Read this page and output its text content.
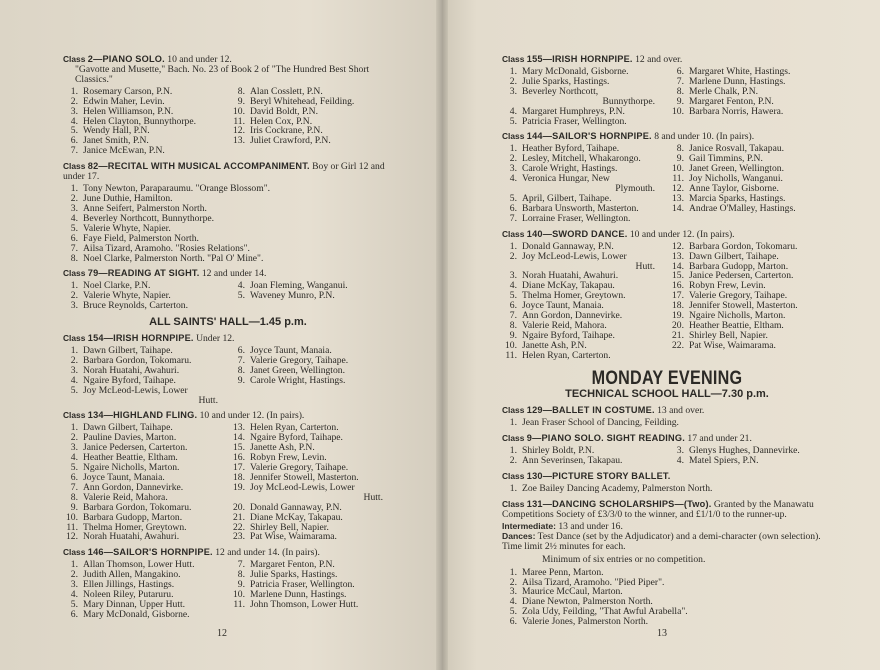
Class 2—PIANO SOLO. 10 and under 12.
"Gavotte and Musette," Bach. No. 23 of Book 2 of "The Hundred Best Short Classics."
1. Rosemary Carson, P.N.	8. Alan Cosslett, P.N.
2. Edwin Maher, Levin.	9. Beryl Whitehead, Feilding.
3. Helen Williamson, P.N.	10. David Boldt, P.N.
4. Helen Clayton, Bunnythorpe.	11. Helen Cox, P.N.
5. Wendy Hall, P.N.	12. Iris Cockrane, P.N.
6. Janet Smith, P.N.	13. Juliet Crawford, P.N.
7. Janice McEwan, P.N.
Class 82—RECITAL WITH MUSICAL ACCOMPANIMENT. Boy or Girl 12 and under 17.
1. Tony Newton, Paraparaumu. "Orange Blossom".
2. June Duthie, Hamilton.
3. Anne Seifert, Palmerston North.
4. Beverley Northcott, Bunnythorpe.
5. Valerie Whyte, Napier.
6. Faye Field, Palmerston North.
7. Ailsa Tizard, Aramoho. "Rosies Relations".
8. Noel Clarke, Palmerston North. "Pal O' Mine".
Class 79—READING AT SIGHT. 12 and under 14.
1. Noel Clarke, P.N.	4. Joan Fleming, Wanganui.
2. Valerie Whyte, Napier.	5. Waveney Munro, P.N.
3. Bruce Reynolds, Carterton.
ALL SAINTS' HALL—1.45 p.m.
Class 154—IRISH HORNPIPE. Under 12.
1. Dawn Gilbert, Taihape.	6. Joyce Taunt, Manaia.
2. Barbara Gordon, Tokomaru.	7. Valerie Gregory, Taihape.
3. Norah Huatahi, Awahuri.	8. Janet Green, Wellington.
4. Ngaire Byford, Taihape.	9. Carole Wright, Hastings.
5. Joy McLeod-Lewis, Lower
Hutt.
Class 134—HIGHLAND FLING. 10 and under 12. (In pairs).
1. Dawn Gilbert, Taihape.	13. Helen Ryan, Carterton.
2. Pauline Davies, Marton.	14. Ngaire Byford, Taihape.
3. Janice Pedersen, Carterton.	15. Janette Ash, P.N.
4. Heather Beattie, Eltham.	16. Robyn Frew, Levin.
5. Ngaire Nicholls, Marton.	17. Valerie Gregory, Taihape.
6. Joyce Taunt, Manaia.	18. Jennifer Stowell, Masterton.
7. Ann Gordon, Dannevirke.	19. Joy McLeod-Lewis, Lower
8. Valerie Reid, Mahora.	Hutt.
9. Barbara Gordon, Tokomaru.	20. Donald Gannaway, P.N.
10. Barbara Gudopp, Marton.	21. Diane McKay, Takapau.
11. Thelma Homer, Greytown.	22. Shirley Bell, Napier.
12. Norah Huatahi, Awahuri.	23. Pat Wise, Waimarama.
Class 146—SAILOR'S HORNPIPE. 12 and under 14. (In pairs).
1. Allan Thomson, Lower Hutt.	7. Margaret Fenton, P.N.
2. Judith Allen, Mangakino.	8. Julie Sparks, Hastings.
3. Ellen Jillings, Hastings.	9. Patricia Fraser, Wellington.
4. Noleen Riley, Putaruru.	10. Marlene Dunn, Hastings.
5. Mary Dinnan, Upper Hutt.	11. John Thomson, Lower Hutt.
6. Mary McDonald, Gisborne.
12	13
Class 155—IRISH HORNPIPE. 12 and over.
1. Mary McDonald, Gisborne.	6. Margaret White, Hastings.
2. Julie Sparks, Hastings.	7. Marlene Dunn, Hastings.
3. Beverley Northcott,	8. Merle Chalk, P.N.
Bunnythorpe.	9. Margaret Fenton, P.N.
4. Margaret Humphreys, P.N.	10. Barbara Norris, Hawera.
5. Patricia Fraser, Wellington.
Class 144—SAILOR'S HORNPIPE. 8 and under 10. (In pairs).
1. Heather Byford, Taihape.	8. Janice Rosvall, Takapau.
2. Lesley, Mitchell, Whakarongo.	9. Gail Timmins, P.N.
3. Carole Wright, Hastings.	10. Janet Green, Wellington.
4. Veronica Hungar, New	11. Joy Nicholls, Wanganui.
Plymouth.	12. Anne Taylor, Gisborne.
5. April, Gilbert, Taihape.	13. Marcia Sparks, Hastings.
6. Barbara Unsworth, Masterton.	14. Andrae O'Malley, Hastings.
7. Lorraine Fraser, Wellington.
Class 140—SWORD DANCE. 10 and under 12. (In pairs).
1. Donald Gannaway, P.N.	12. Barbara Gordon, Tokomaru.
2. Joy McLeod-Lewis, Lower	13. Dawn Gilbert, Taihape.
Hutt.	14. Barbara Gudopp, Marton.
3. Norah Huatahi, Awahuri.	15. Janice Pedersen, Carterton.
4. Diane McKay, Takapau.	16. Robyn Frew, Levin.
5. Thelma Homer, Greytown.	17. Valerie Gregory, Taihape.
6. Joyce Taunt, Manaia.	18. Jennifer Stowell, Masterton.
7. Ann Gordon, Dannevirke.	19. Ngaire Nicholls, Marton.
8. Valerie Reid, Mahora.	20. Heather Beattie, Eltham.
9. Ngaire Byford, Taihape.	21. Shirley Bell, Napier.
10. Janette Ash, P.N.	22. Pat Wise, Waimarama.
11. Helen Ryan, Carterton.
MONDAY EVENING
TECHNICAL SCHOOL HALL—7.30 p.m.
Class 129—BALLET IN COSTUME. 13 and over.
1. Jean Fraser School of Dancing, Feilding.
Class 9—PIANO SOLO. SIGHT READING. 17 and under 21.
1. Shirley Boldt, P.N.	3. Glenys Hughes, Dannevirke.
2. Ann Severinsen, Takapau.	4. Matel Spiers, P.N.
Class 130—PICTURE STORY BALLET.
1. Zoe Bailey Dancing Academy, Palmerston North.
Class 131—DANCING SCHOLARSHIPS—(Two). Granted by the Manawatu Competitions Society of £3/3/0 to the winner, and £1/1/0 to the runner-up.
Intermediate: 13 and under 16.
Dances: Test Dance (set by the Adjudicator) and a demi-character (own selection). Time limit 2½ minutes for each.
Minimum of six entries or no competition.
1. Maree Penn, Marton.
2. Ailsa Tizard, Aramoho. "Pied Piper".
3. Maurice McCaul, Marton.
4. Diane Newton, Palmerston North.
5. Zola Udy, Feilding, "That Awful Arabella".
6. Valerie Jones, Palmerston North.
